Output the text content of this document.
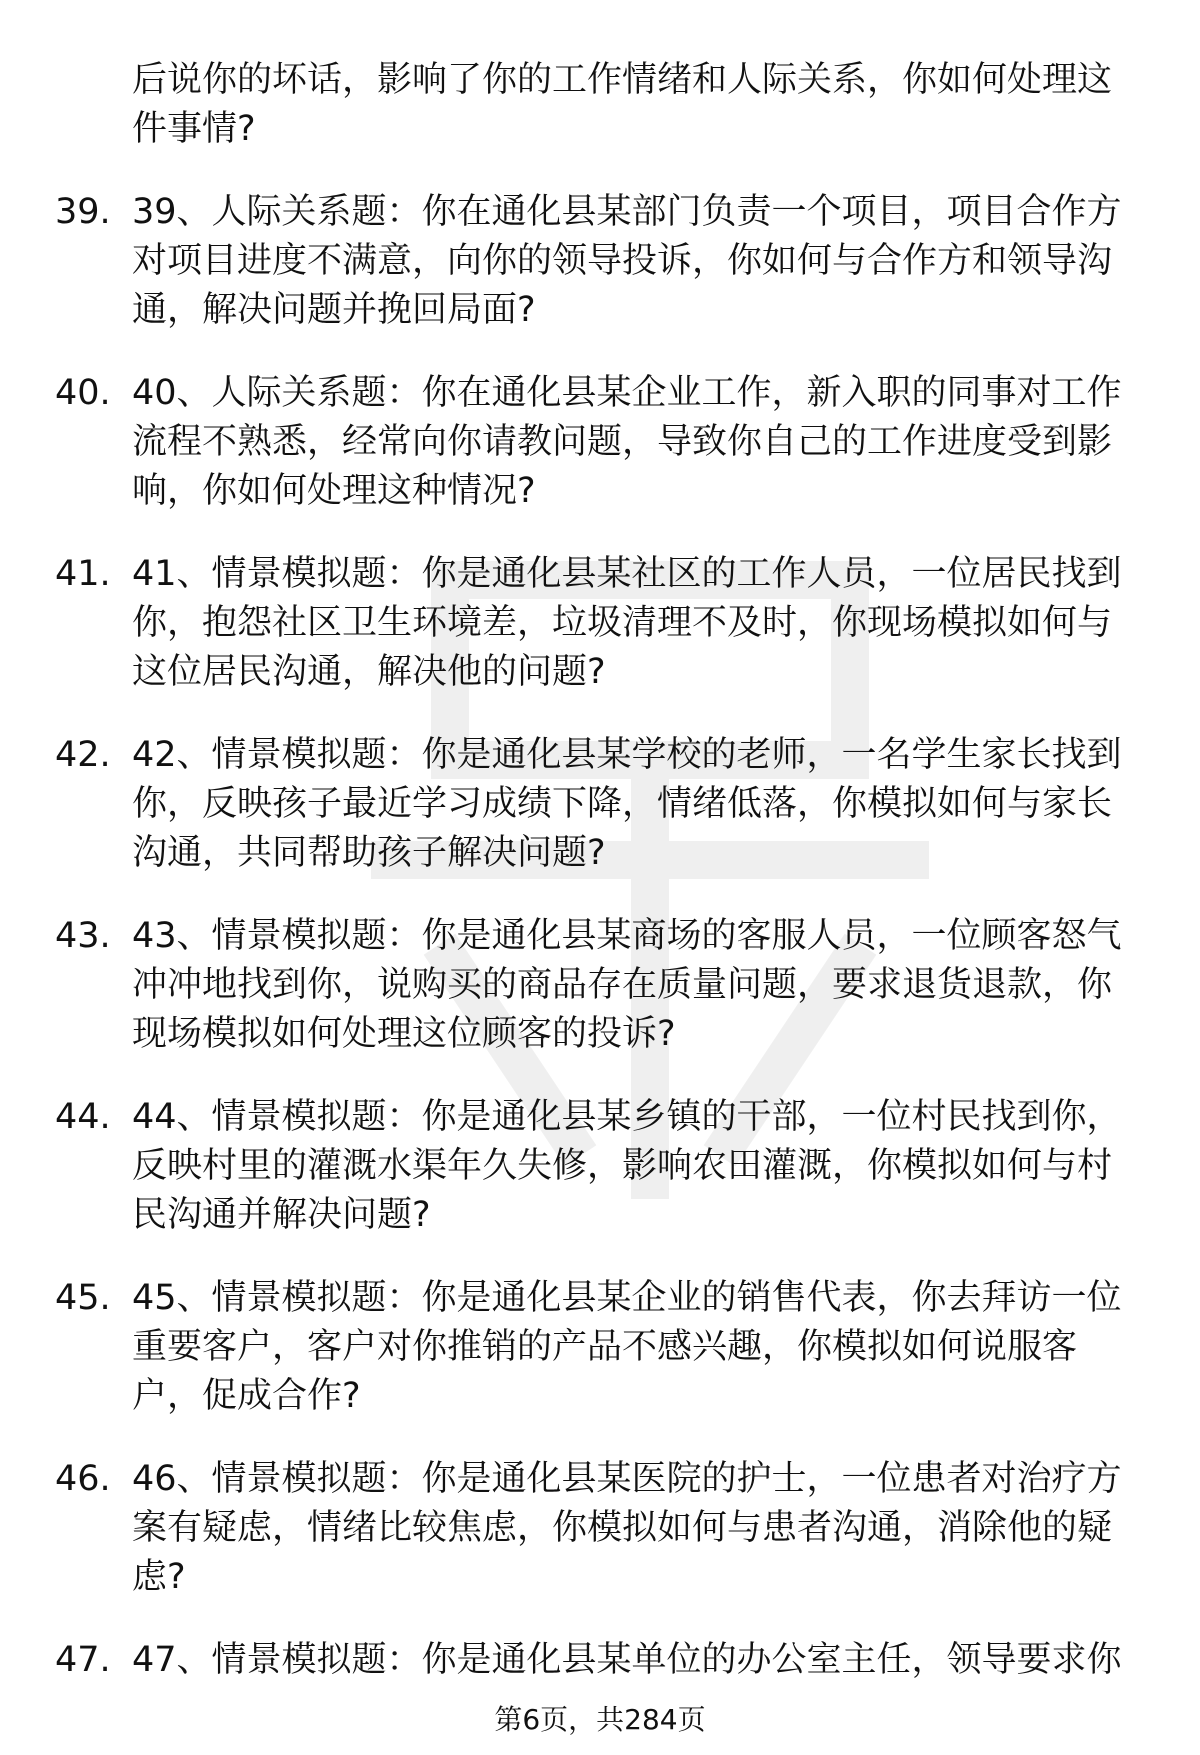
后说你的坏话，影响了你的工作情绪和人际关系，你如何处理这件事情?
39. 39、人际关系题：你在通化县某部门负责一个项目，项目合作方对项目进度不满意，向你的领导投诉，你如何与合作方和领导沟通，解决问题并挽回局面?
40. 40、人际关系题：你在通化县某企业工作，新入职的同事对工作流程不熟悉，经常向你请教问题，导致你自己的工作进度受到影响，你如何处理这种情况?
41. 41、情景模拟题：你是通化县某社区的工作人员，一位居民找到你，抱怨社区卫生环境差，垃圾清理不及时，你现场模拟如何与这位居民沟通，解决他的问题?
42. 42、情景模拟题：你是通化县某学校的老师，一名学生家长找到你，反映孩子最近学习成绩下降，情绪低落，你模拟如何与家长沟通，共同帮助孩子解决问题?
43. 43、情景模拟题：你是通化县某商场的客服人员，一位顾客怒气冲冲地找到你，说购买的商品存在质量问题，要求退货退款，你现场模拟如何处理这位顾客的投诉?
44. 44、情景模拟题：你是通化县某乡镇的干部，一位村民找到你，反映村里的灌溉水渠年久失修，影响农田灌溉，你模拟如何与村民沟通并解决问题?
45. 45、情景模拟题：你是通化县某企业的销售代表，你去拜访一位重要客户，客户对你推销的产品不感兴趣，你模拟如何说服客户，促成合作?
46. 46、情景模拟题：你是通化县某医院的护士，一位患者对治疗方案有疑虑，情绪比较焦虑，你模拟如何与患者沟通，消除他的疑虑?
47. 47、情景模拟题：你是通化县某单位的办公室主任，领导要求你
第6页，共284页
